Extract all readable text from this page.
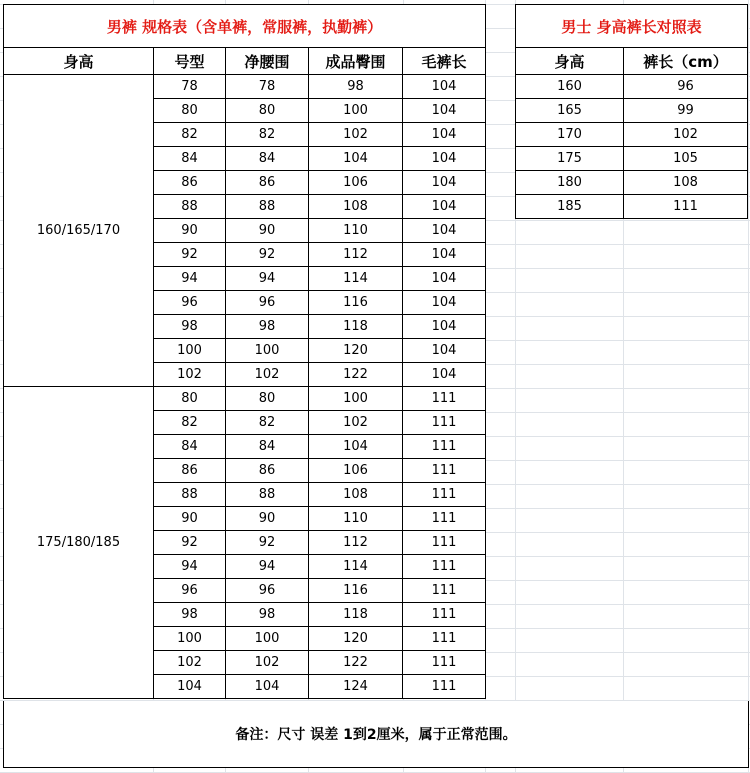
男裤 规格表（含单裤，常服裤，执勤裤）				
身高	号型	净腰围	成品臀围	毛裤长
160/165/170	78	78	98	104
	80	80	100	104
	82	82	102	104
	84	84	104	104
	86	86	106	104
	88	88	108	104
	90	90	110	104
	92	92	112	104
	94	94	114	104
	96	96	116	104
	98	98	118	104
	100	100	120	104
	102	102	122	104
175/180/185	80	80	100	111
	82	82	102	111
	84	84	104	111
	86	86	106	111
	88	88	108	111
	90	90	110	111
	92	92	112	111
	94	94	114	111
	96	96	116	111
	98	98	118	111
	100	100	120	111
	102	102	122	111
	104	104	124	111
男士 身高裤长对照表	
身高	裤长（cm）
160	96
165	99
170	102
175	105
180	108
185	111
备注：尺寸 误差 1到2厘米，属于正常范围。
